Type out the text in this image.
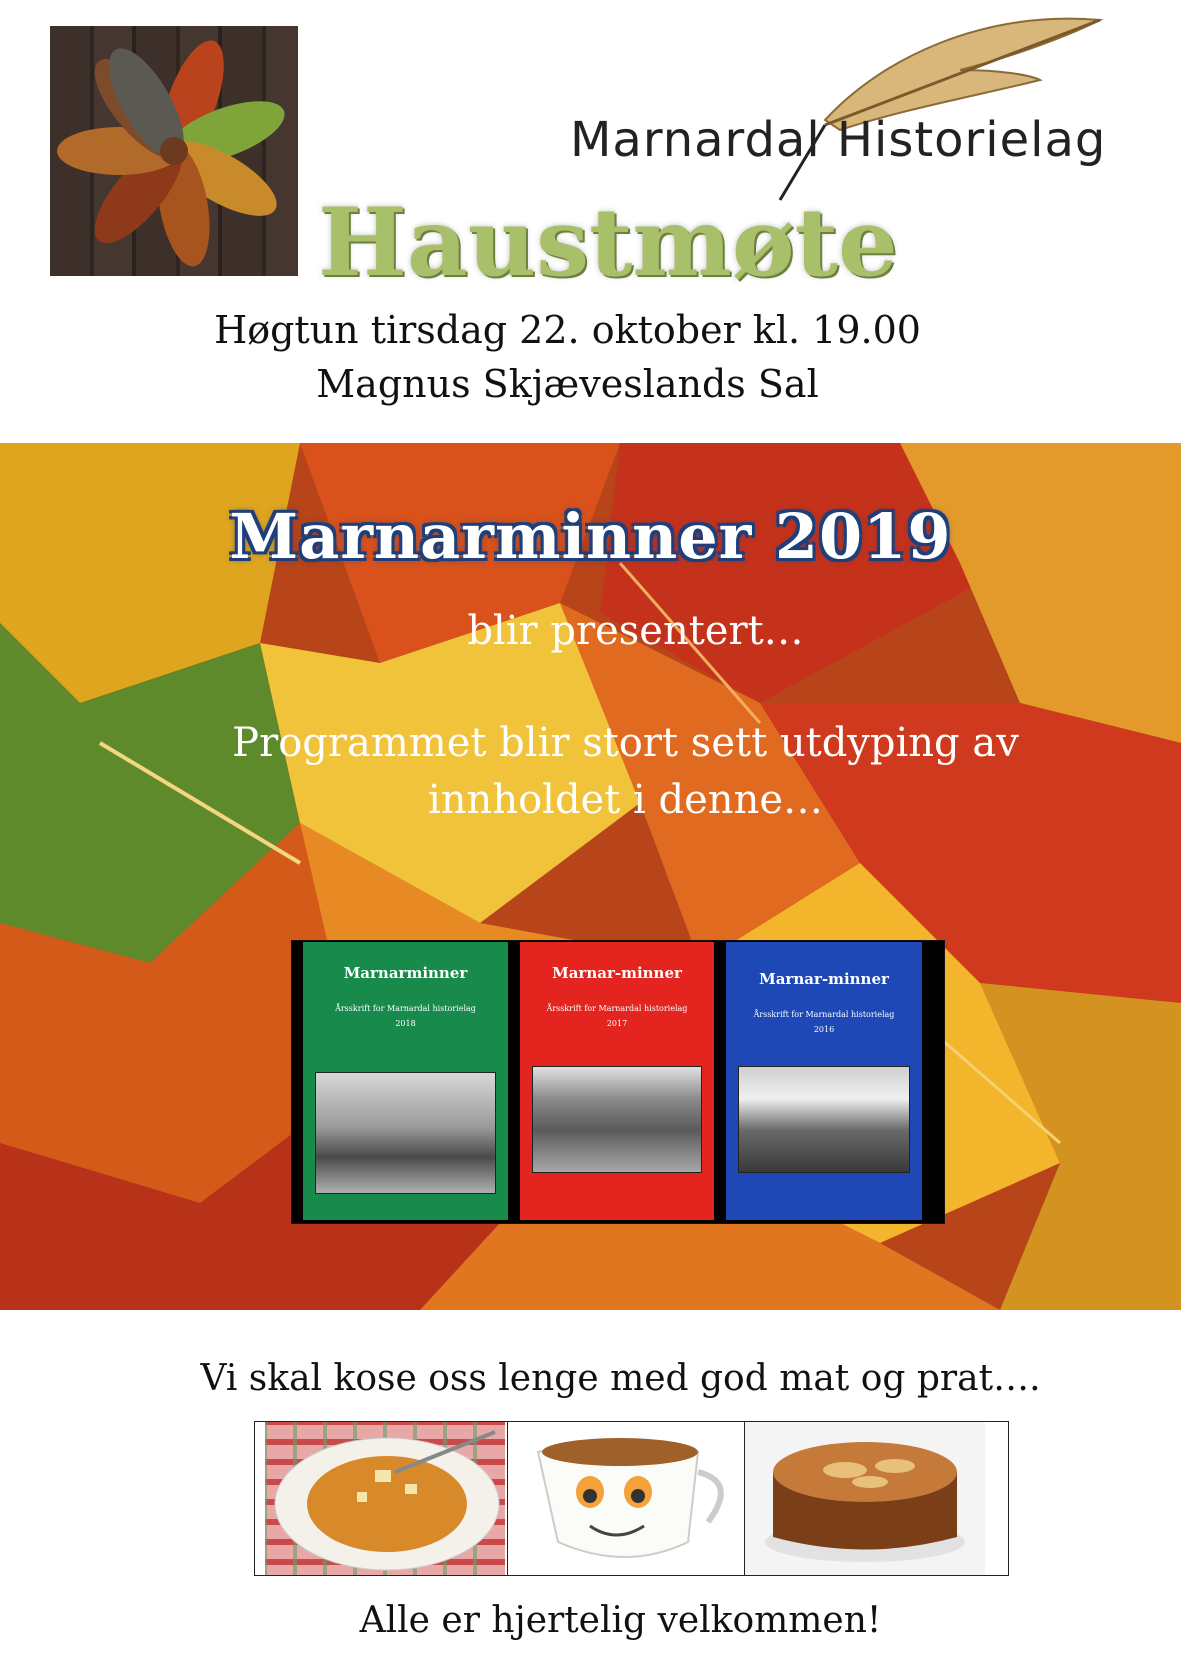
Marnardal Historielag
Haustmøte
Høgtun tirsdag 22. oktober kl. 19.00
Magnus Skjæveslands Sal
Marnarminner 2019
blir presentert…
Programmet blir stort sett utdyping av
innholdet i denne…
Marnarminner
Årsskrift for Marnardal historielag
2018
Marnar-minner
Årsskrift for Marnardal historielag
2017
Marnar-minner
Årsskrift for Marnardal historielag
2016
Vi skal kose oss lenge med god mat og prat….
Alle er hjertelig velkommen!
